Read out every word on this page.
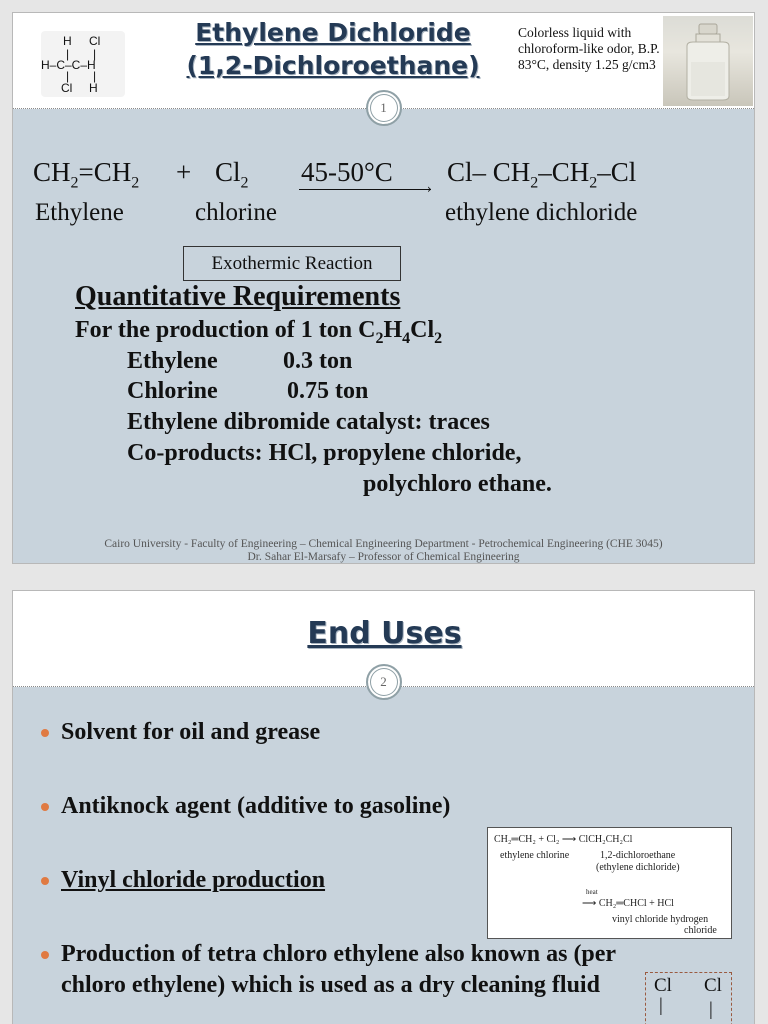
H Cl
| |
H–C–C–H
| |
Cl H
Ethylene Dichloride
(1,2-Dichloroethane)
Colorless liquid with chloroform-like odor, B.P. 83°C, density 1.25 g/cm3
1
$CH_2=CH_2 + Cl_2$ 45-50°C
›
Cl– $CH_2-CH_2-Cl$
Ethylene	chlorine	ethylene dichloride
Exothermic Reaction
Quantitative Requirements
For the production of 1 ton $C_2H_4Cl_2$
Ethylene	0.3 ton
Chlorine	0.75 ton
Ethylene dibromide catalyst: traces
Co-products: HCl, propylene chloride,
polychloro ethane.
Cairo University - Faculty of Engineering – Chemical Engineering Department - Petrochemical Engineering (CHE 3045)
Dr. Sahar El-Marsafy – Professor of Chemical Engineering
End Uses
2
Solvent for oil and grease
Antiknock agent (additive to gasoline)
Vinyl chloride production
Production of tetra chloro ethylene also known as (per chloro ethylene) which is used as a dry cleaning fluid
CH₂═CH₂ + Cl₂ ⟶ ClCH₂CH₂Cl
ethylene chlorine	1,2-dichloroethane
(ethylene dichloride)
heat
⟶ CH₂═CHCl + HCl
vinyl chloride hydrogen
chloride
Cl Cl
| |
